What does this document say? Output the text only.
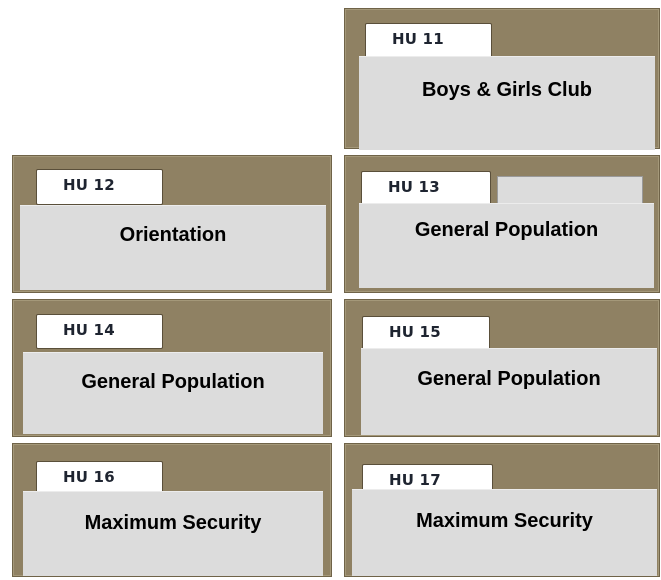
HU 11
Boys & Girls Club
HU 12
Orientation
HU 13
General Population
HU 14
General Population
HU 15
General Population
HU 16
Maximum Security
HU 17
Maximum Security
